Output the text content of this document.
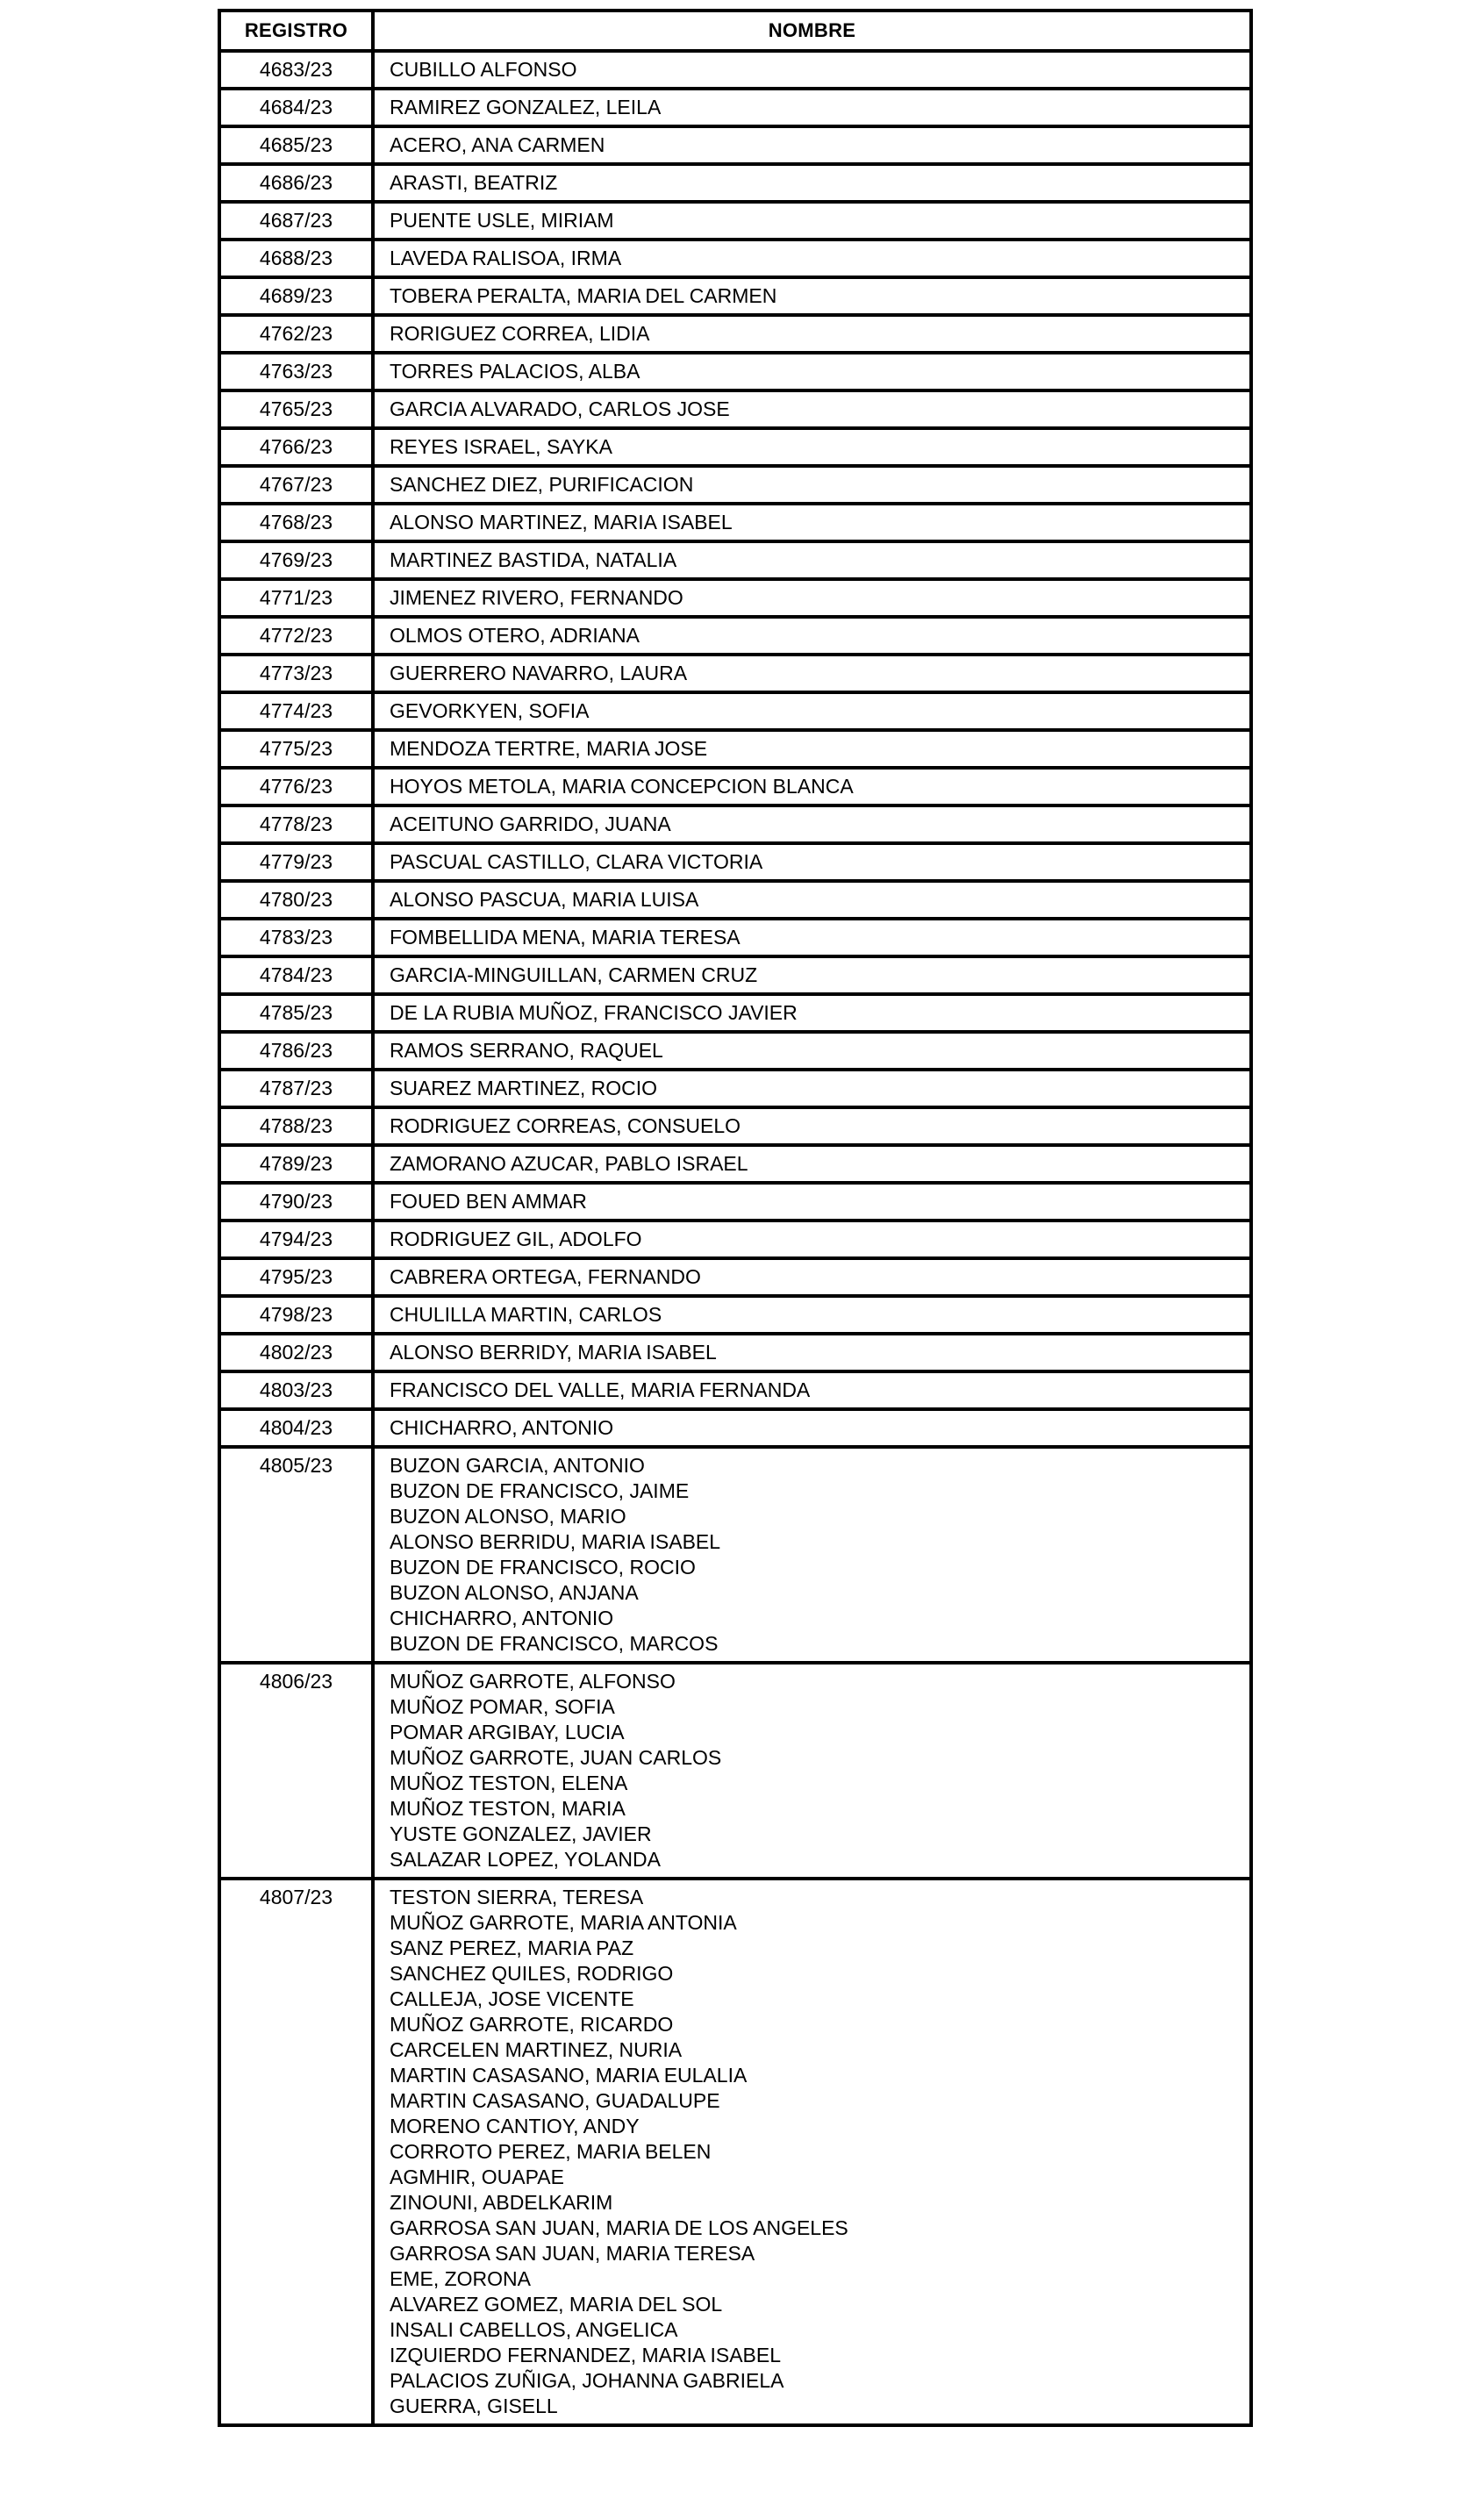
REGISTRO	NOMBRE

4683/23	CUBILLO ALFONSO

4684/23	RAMIREZ GONZALEZ, LEILA

4685/23	ACERO, ANA CARMEN

4686/23	ARASTI, BEATRIZ

4687/23	PUENTE USLE, MIRIAM

4688/23	LAVEDA RALISOA, IRMA

4689/23	TOBERA PERALTA, MARIA DEL CARMEN

4762/23	RORIGUEZ CORREA, LIDIA

4763/23	TORRES PALACIOS, ALBA

4765/23	GARCIA ALVARADO, CARLOS JOSE

4766/23	REYES ISRAEL, SAYKA

4767/23	SANCHEZ DIEZ, PURIFICACION

4768/23	ALONSO MARTINEZ, MARIA ISABEL

4769/23	MARTINEZ BASTIDA, NATALIA

4771/23	JIMENEZ RIVERO, FERNANDO

4772/23	OLMOS OTERO, ADRIANA

4773/23	GUERRERO NAVARRO, LAURA

4774/23	GEVORKYEN, SOFIA

4775/23	MENDOZA TERTRE, MARIA JOSE

4776/23	HOYOS METOLA, MARIA CONCEPCION BLANCA

4778/23	ACEITUNO GARRIDO, JUANA

4779/23	PASCUAL CASTILLO, CLARA VICTORIA

4780/23	ALONSO PASCUA, MARIA LUISA

4783/23	FOMBELLIDA MENA, MARIA TERESA

4784/23	GARCIA-MINGUILLAN, CARMEN CRUZ

4785/23	DE LA RUBIA MUÑOZ, FRANCISCO JAVIER

4786/23	RAMOS SERRANO, RAQUEL

4787/23	SUAREZ MARTINEZ, ROCIO

4788/23	RODRIGUEZ CORREAS, CONSUELO

4789/23	ZAMORANO AZUCAR, PABLO ISRAEL

4790/23	FOUED BEN AMMAR

4794/23	RODRIGUEZ GIL, ADOLFO

4795/23	CABRERA ORTEGA, FERNANDO

4798/23	CHULILLA MARTIN, CARLOS

4802/23	ALONSO BERRIDY, MARIA ISABEL

4803/23	FRANCISCO DEL VALLE, MARIA FERNANDA

4804/23	CHICHARRO, ANTONIO

4805/23	BUZON GARCIA, ANTONIO
BUZON DE FRANCISCO, JAIME
BUZON ALONSO, MARIO
ALONSO BERRIDU, MARIA ISABEL
BUZON DE FRANCISCO, ROCIO
BUZON ALONSO, ANJANA
CHICHARRO, ANTONIO
BUZON DE FRANCISCO, MARCOS

4806/23	MUÑOZ GARROTE, ALFONSO
MUÑOZ POMAR, SOFIA
POMAR ARGIBAY, LUCIA
MUÑOZ GARROTE, JUAN CARLOS
MUÑOZ TESTON, ELENA
MUÑOZ TESTON, MARIA
YUSTE GONZALEZ, JAVIER
SALAZAR LOPEZ, YOLANDA

4807/23	TESTON SIERRA, TERESA
MUÑOZ GARROTE, MARIA ANTONIA
SANZ PEREZ, MARIA PAZ
SANCHEZ QUILES, RODRIGO
CALLEJA, JOSE VICENTE
MUÑOZ GARROTE, RICARDO
CARCELEN MARTINEZ, NURIA
MARTIN CASASANO, MARIA EULALIA
MARTIN CASASANO, GUADALUPE
MORENO CANTIOY, ANDY
CORROTO PEREZ, MARIA BELEN
AGMHIR, OUAPAE
ZINOUNI, ABDELKARIM
GARROSA SAN JUAN, MARIA DE LOS ANGELES
GARROSA SAN JUAN, MARIA TERESA
EME, ZORONA
ALVAREZ GOMEZ, MARIA DEL SOL
INSALI CABELLOS, ANGELICA
IZQUIERDO FERNANDEZ, MARIA ISABEL
PALACIOS ZUÑIGA, JOHANNA GABRIELA
GUERRA, GISELL
